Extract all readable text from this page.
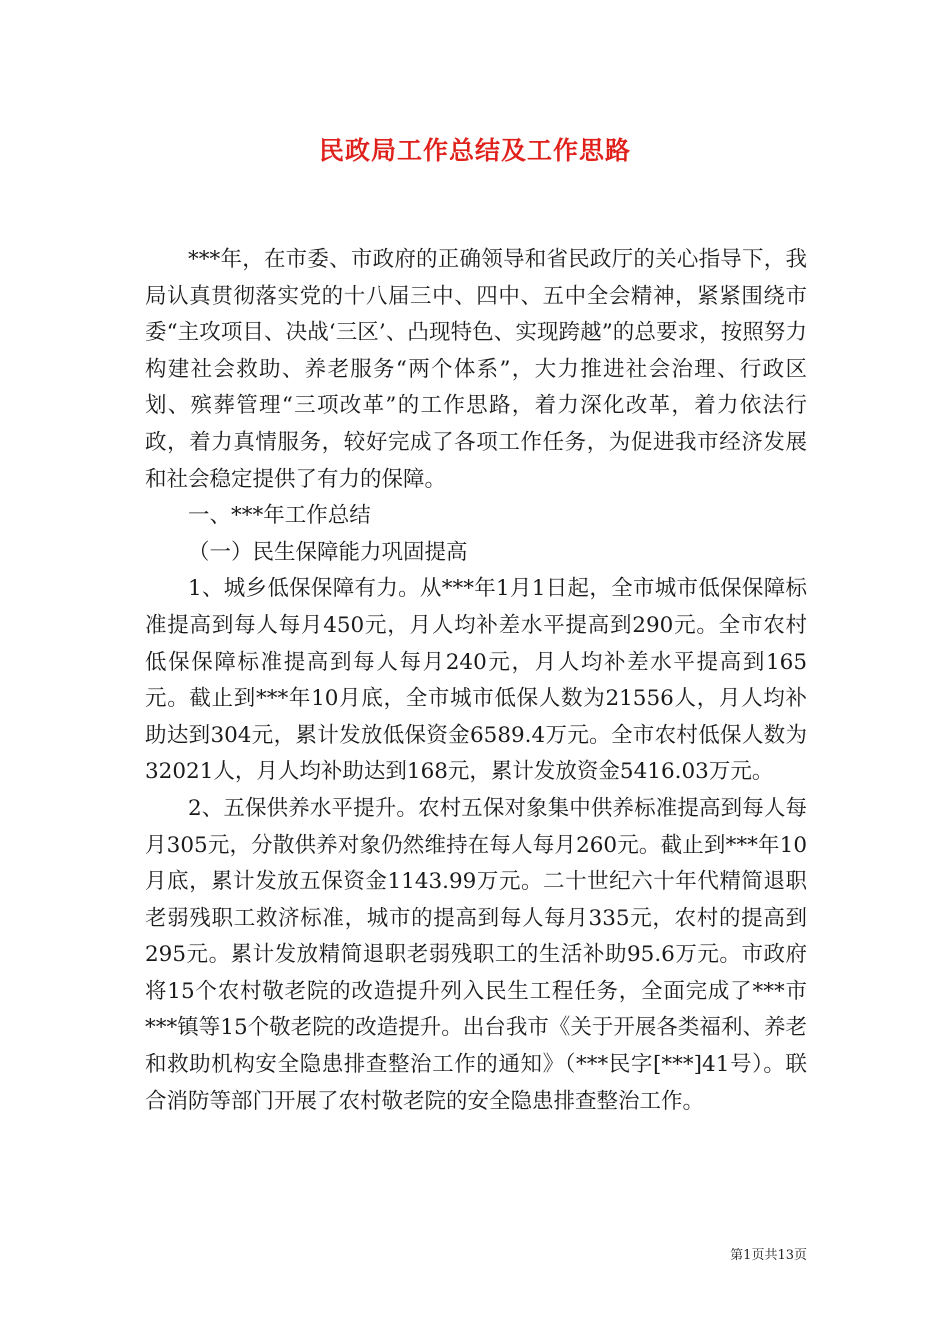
民政局工作总结及工作思路

***年，在市委、市政府的正确领导和省民政厅的关心指导下，我局认真贯彻落实党的十八届三中、四中、五中全会精神，紧紧围绕市委“主攻项目、决战‘三区’、凸现特色、实现跨越”的总要求，按照努力构建社会救助、养老服务“两个体系”，大力推进社会治理、行政区划、殡葬管理“三项改革”的工作思路，着力深化改革，着力依法行政，着力真情服务，较好完成了各项工作任务，为促进我市经济发展和社会稳定提供了有力的保障。

一、***年工作总结

（一）民生保障能力巩固提高

1、城乡低保保障有力。从***年1月1日起，全市城市低保保障标准提高到每人每月450元，月人均补差水平提高到290元。全市农村低保保障标准提高到每人每月240元，月人均补差水平提高到165元。截止到***年10月底，全市城市低保人数为21556人，月人均补助达到304元，累计发放低保资金6589.4万元。全市农村低保人数为32021人，月人均补助达到168元，累计发放资金5416.03万元。

2、五保供养水平提升。农村五保对象集中供养标准提高到每人每月305元，分散供养对象仍然维持在每人每月260元。截止到***年10月底，累计发放五保资金1143.99万元。二十世纪六十年代精简退职老弱残职工救济标准，城市的提高到每人每月335元，农村的提高到295元。累计发放精简退职老弱残职工的生活补助95.6万元。市政府将15个农村敬老院的改造提升列入民生工程任务，全面完成了***市***镇等15个敬老院的改造提升。出台我市《关于开展各类福利、养老和救助机构安全隐患排查整治工作的通知》（***民字[***]41号）。联合消防等部门开展了农村敬老院的安全隐患排查整治工作。

第1页共13页
